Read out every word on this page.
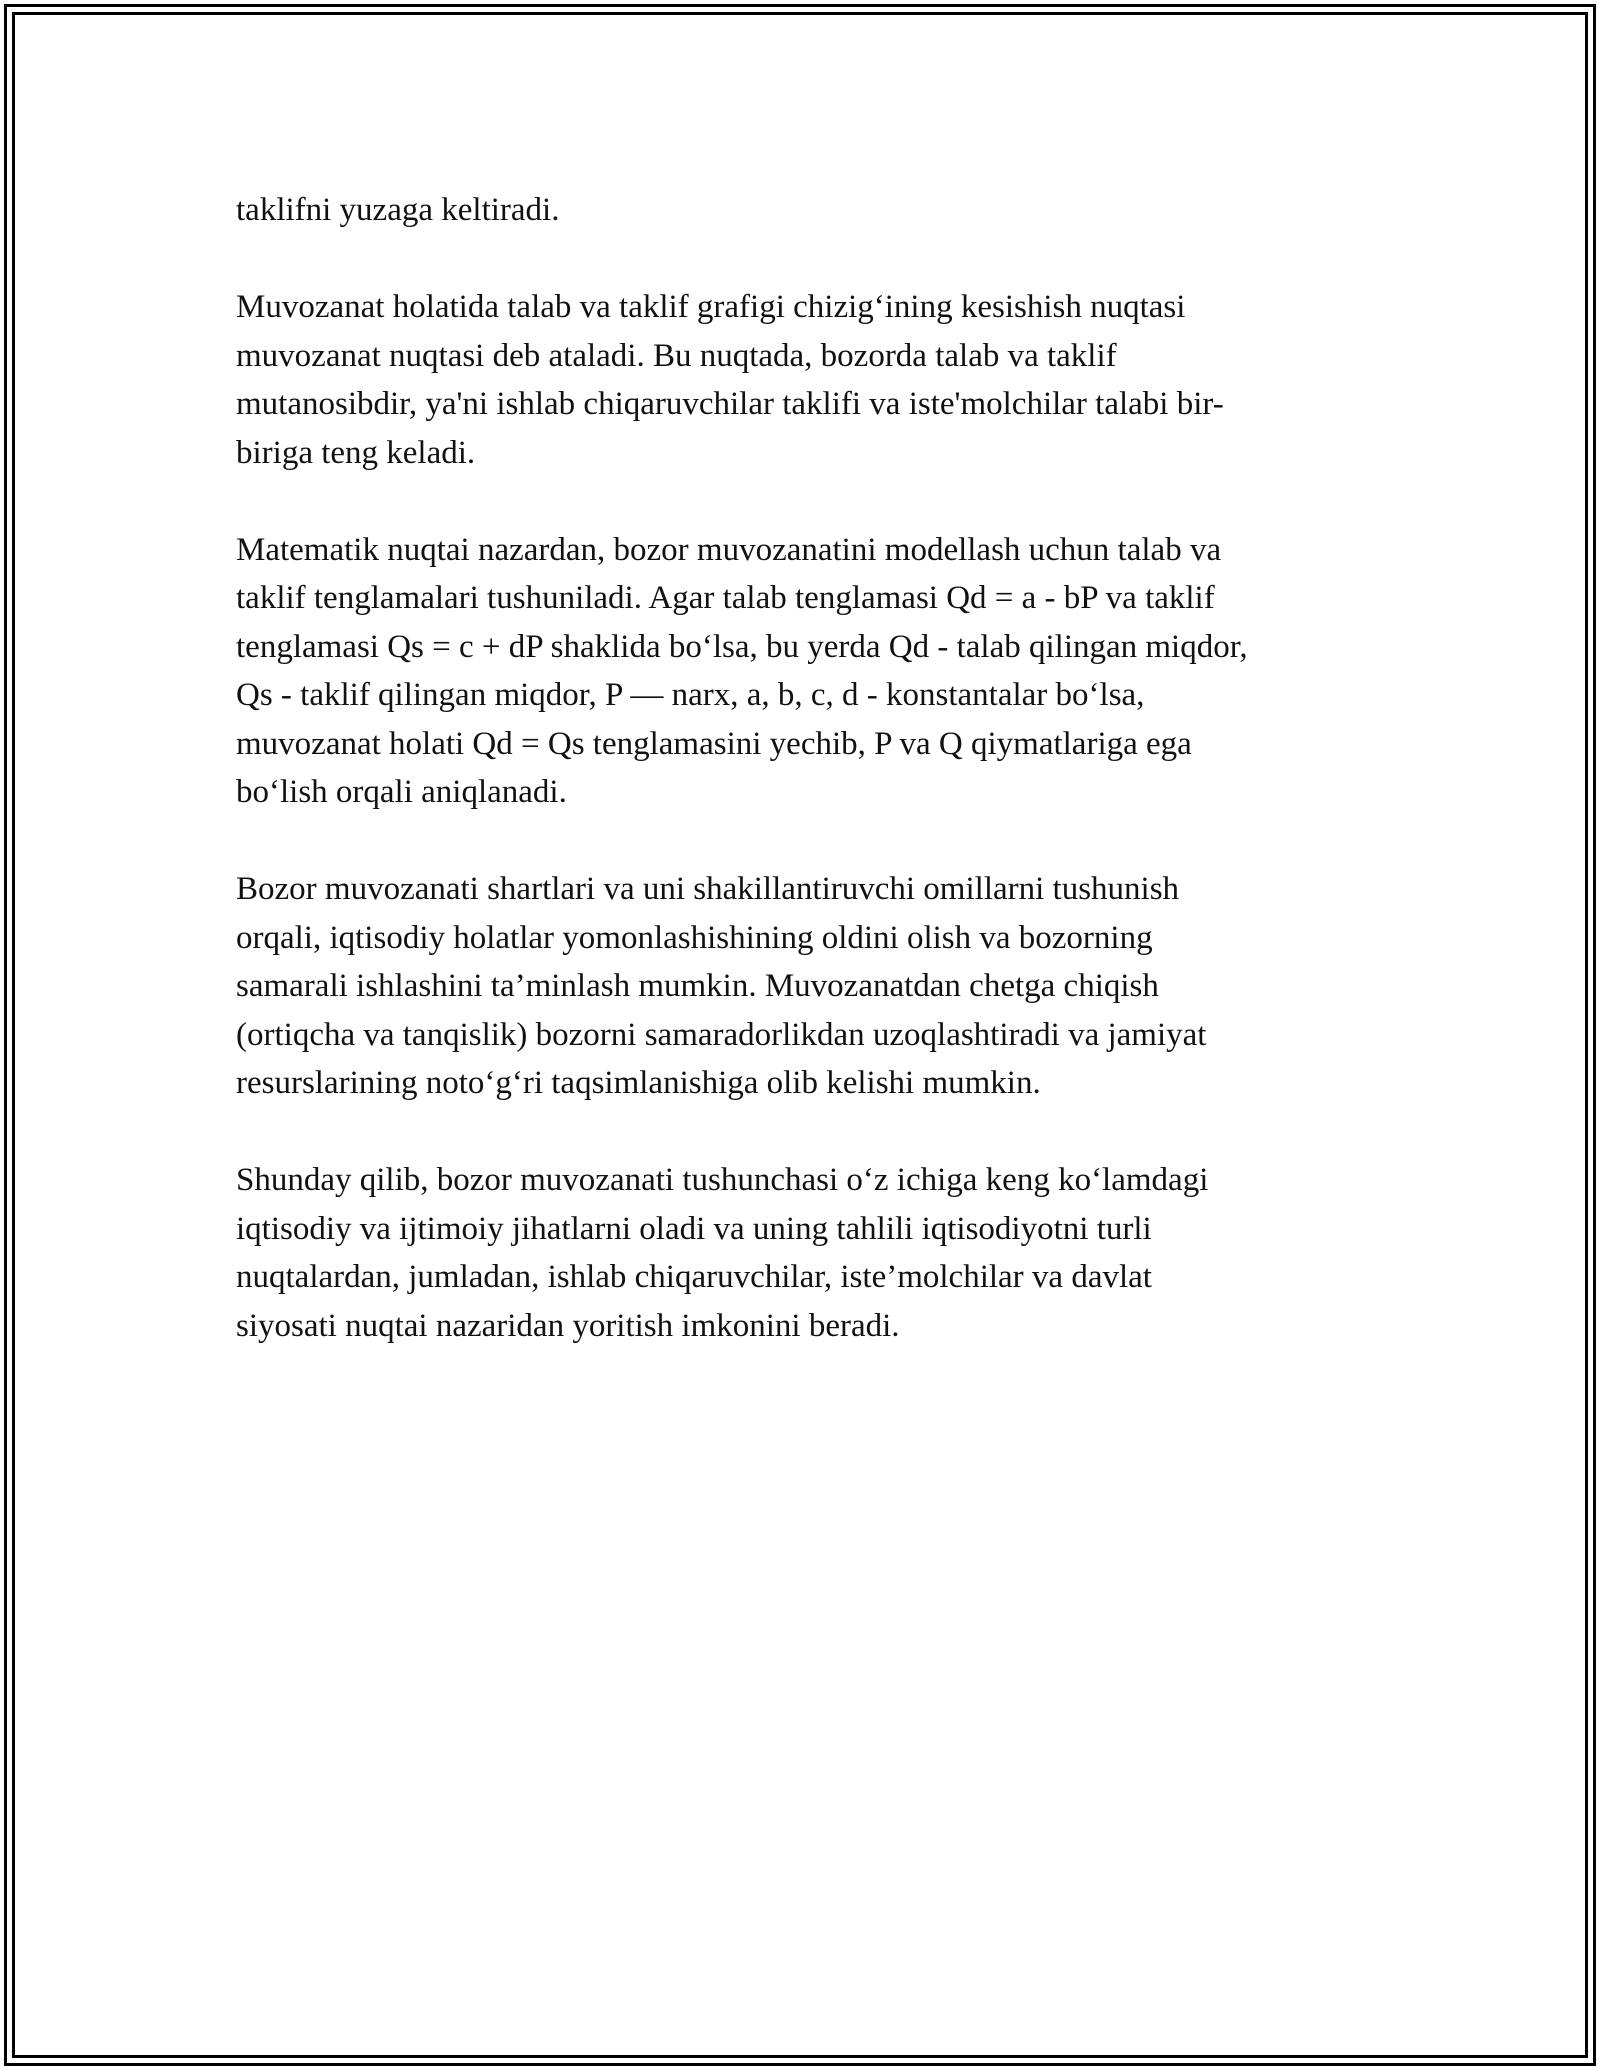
taklifni yuzaga keltiradi.

Muvozanat holatida talab va taklif grafigi chizig‘ining kesishish nuqtasi
muvozanat nuqtasi deb ataladi. Bu nuqtada, bozorda talab va taklif
mutanosibdir, ya'ni ishlab chiqaruvchilar taklifi va iste'molchilar talabi bir-
biriga teng keladi.

Matematik nuqtai nazardan, bozor muvozanatini modellash uchun talab va
taklif tenglamalari tushuniladi. Agar talab tenglamasi Qd = a - bP va taklif
tenglamasi Qs = c + dP shaklida bo‘lsa, bu yerda Qd - talab qilingan miqdor,
Qs - taklif qilingan miqdor, P — narx, a, b, c, d - konstantalar bo‘lsa,
muvozanat holati Qd = Qs tenglamasini yechib, P va Q qiymatlariga ega
bo‘lish orqali aniqlanadi.

Bozor muvozanati shartlari va uni shakillantiruvchi omillarni tushunish
orqali, iqtisodiy holatlar yomonlashishining oldini olish va bozorning
samarali ishlashini ta’minlash mumkin. Muvozanatdan chetga chiqish
(ortiqcha va tanqislik) bozorni samaradorlikdan uzoqlashtiradi va jamiyat
resurslarining noto‘g‘ri taqsimlanishiga olib kelishi mumkin.

Shunday qilib, bozor muvozanati tushunchasi o‘z ichiga keng ko‘lamdagi
iqtisodiy va ijtimoiy jihatlarni oladi va uning tahlili iqtisodiyotni turli
nuqtalardan, jumladan, ishlab chiqaruvchilar, iste’molchilar va davlat
siyosati nuqtai nazaridan yoritish imkonini beradi.
